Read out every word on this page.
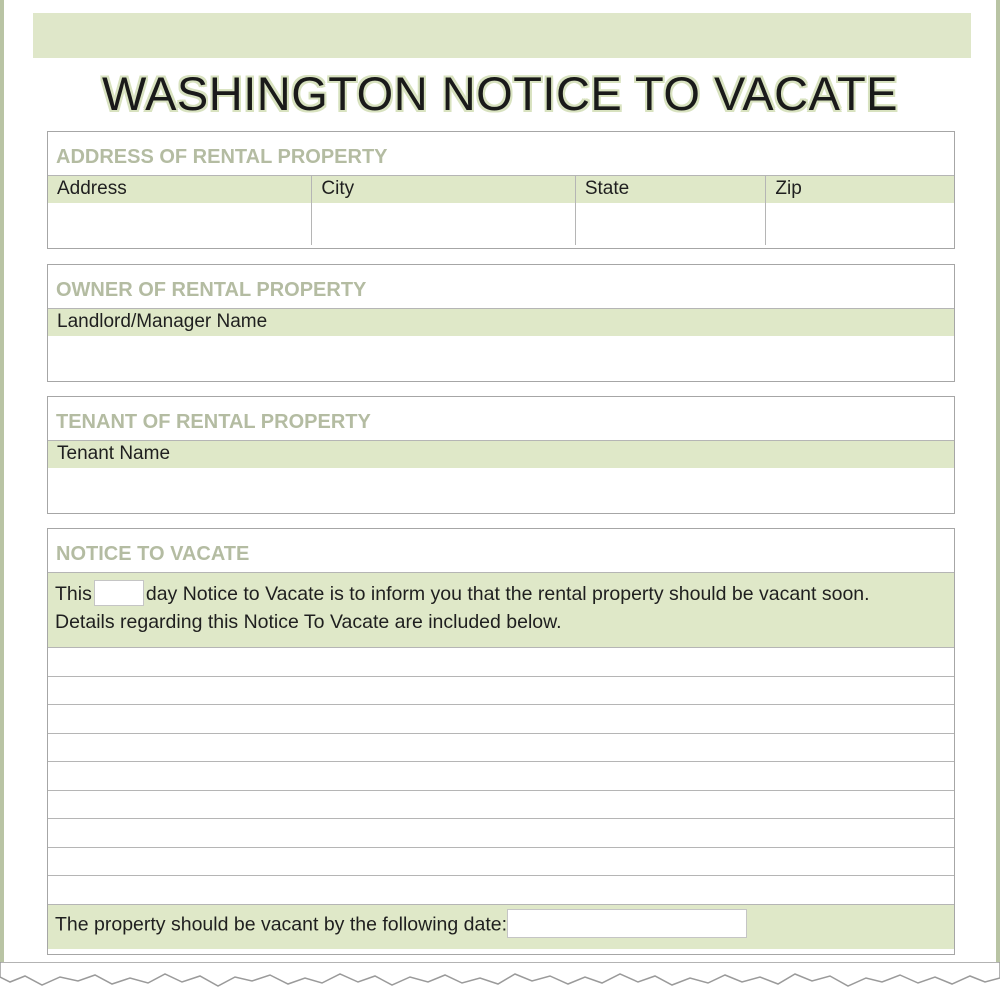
WASHINGTON NOTICE TO VACATE
ADDRESS OF RENTAL PROPERTY
Address	City	State	Zip
OWNER OF RENTAL PROPERTY
Landlord/Manager Name
TENANT OF RENTAL PROPERTY
Tenant Name
NOTICE TO VACATE
This	day Notice to Vacate is to inform you that the rental property should be vacant soon.
Details regarding this Notice To Vacate are included below.
The property should be vacant by the following date:
